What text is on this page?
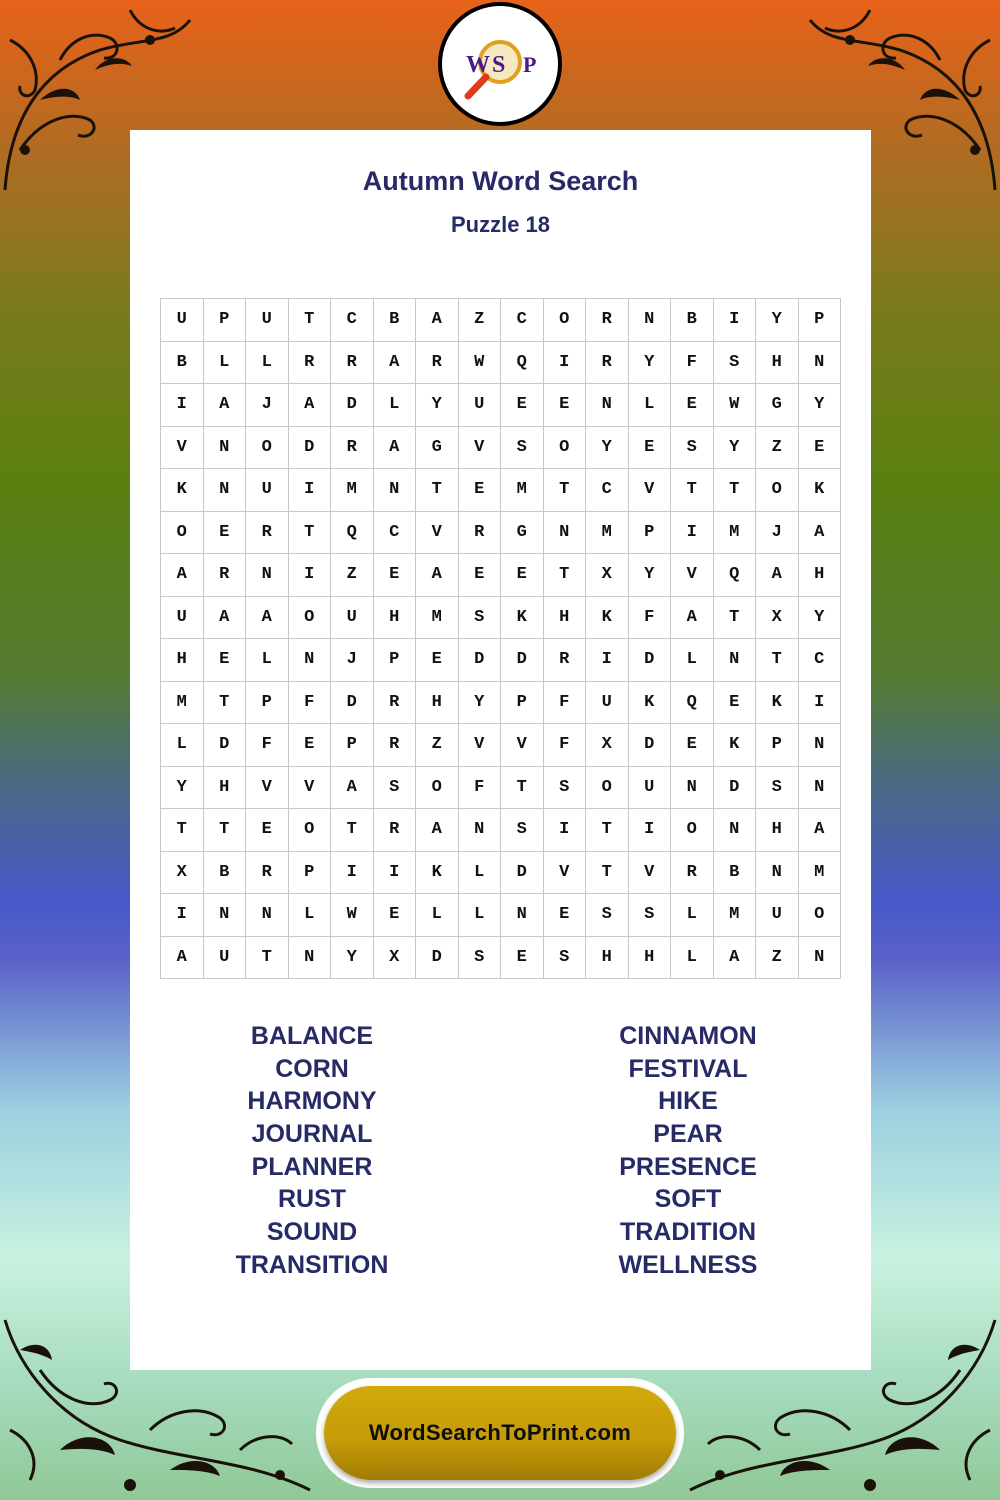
W S P
Autumn Word Search
Puzzle 18
U	P	U	T	C	B	A	Z	C	O	R	N	B	I	Y	P
B	L	L	R	R	A	R	W	Q	I	R	Y	F	S	H	N
I	A	J	A	D	L	Y	U	E	E	N	L	E	W	G	Y
V	N	O	D	R	A	G	V	S	O	Y	E	S	Y	Z	E
K	N	U	I	M	N	T	E	M	T	C	V	T	T	O	K
O	E	R	T	Q	C	V	R	G	N	M	P	I	M	J	A
A	R	N	I	Z	E	A	E	E	T	X	Y	V	Q	A	H
U	A	A	O	U	H	M	S	K	H	K	F	A	T	X	Y
H	E	L	N	J	P	E	D	D	R	I	D	L	N	T	C
M	T	P	F	D	R	H	Y	P	F	U	K	Q	E	K	I
L	D	F	E	P	R	Z	V	V	F	X	D	E	K	P	N
Y	H	V	V	A	S	O	F	T	S	O	U	N	D	S	N
T	T	E	O	T	R	A	N	S	I	T	I	O	N	H	A
X	B	R	P	I	I	K	L	D	V	T	V	R	B	N	M
I	N	N	L	W	E	L	L	N	E	S	S	L	M	U	O
A	U	T	N	Y	X	D	S	E	S	H	H	L	A	Z	N
BALANCE
CORN
HARMONY
JOURNAL
PLANNER
RUST
SOUND
TRANSITION
CINNAMON
FESTIVAL
HIKE
PEAR
PRESENCE
SOFT
TRADITION
WELLNESS
WordSearchToPrint.com
